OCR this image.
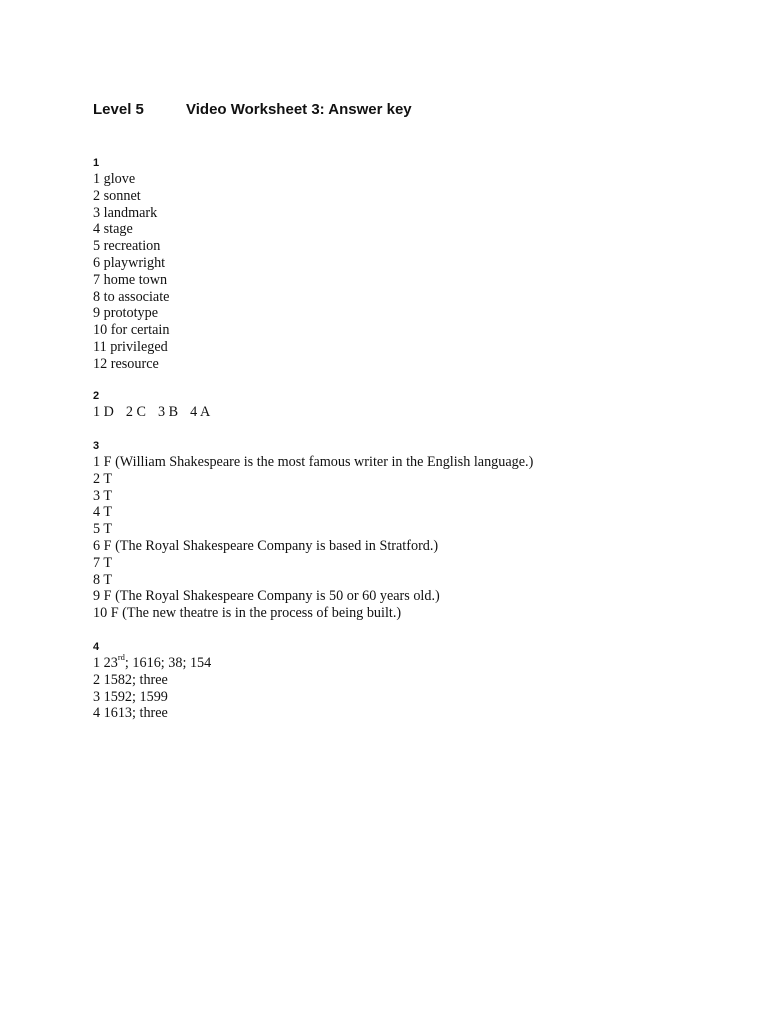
Level 5	Video Worksheet 3: Answer key
1
1 glove
2 sonnet
3 landmark
4 stage
5 recreation
6 playwright
7 home town
8 to associate
9 prototype
10 for certain
11 privileged
12 resource
2
1 D 2 C 3 B 4 A
3
1 F (William Shakespeare is the most famous writer in the English language.)
2 T
3 T
4 T
5 T
6 F (The Royal Shakespeare Company is based in Stratford.)
7 T
8 T
9 F (The Royal Shakespeare Company is 50 or 60 years old.)
10 F (The new theatre is in the process of being built.)
4
1 23rd; 1616; 38; 154
2 1582; three
3 1592; 1599
4 1613; three
